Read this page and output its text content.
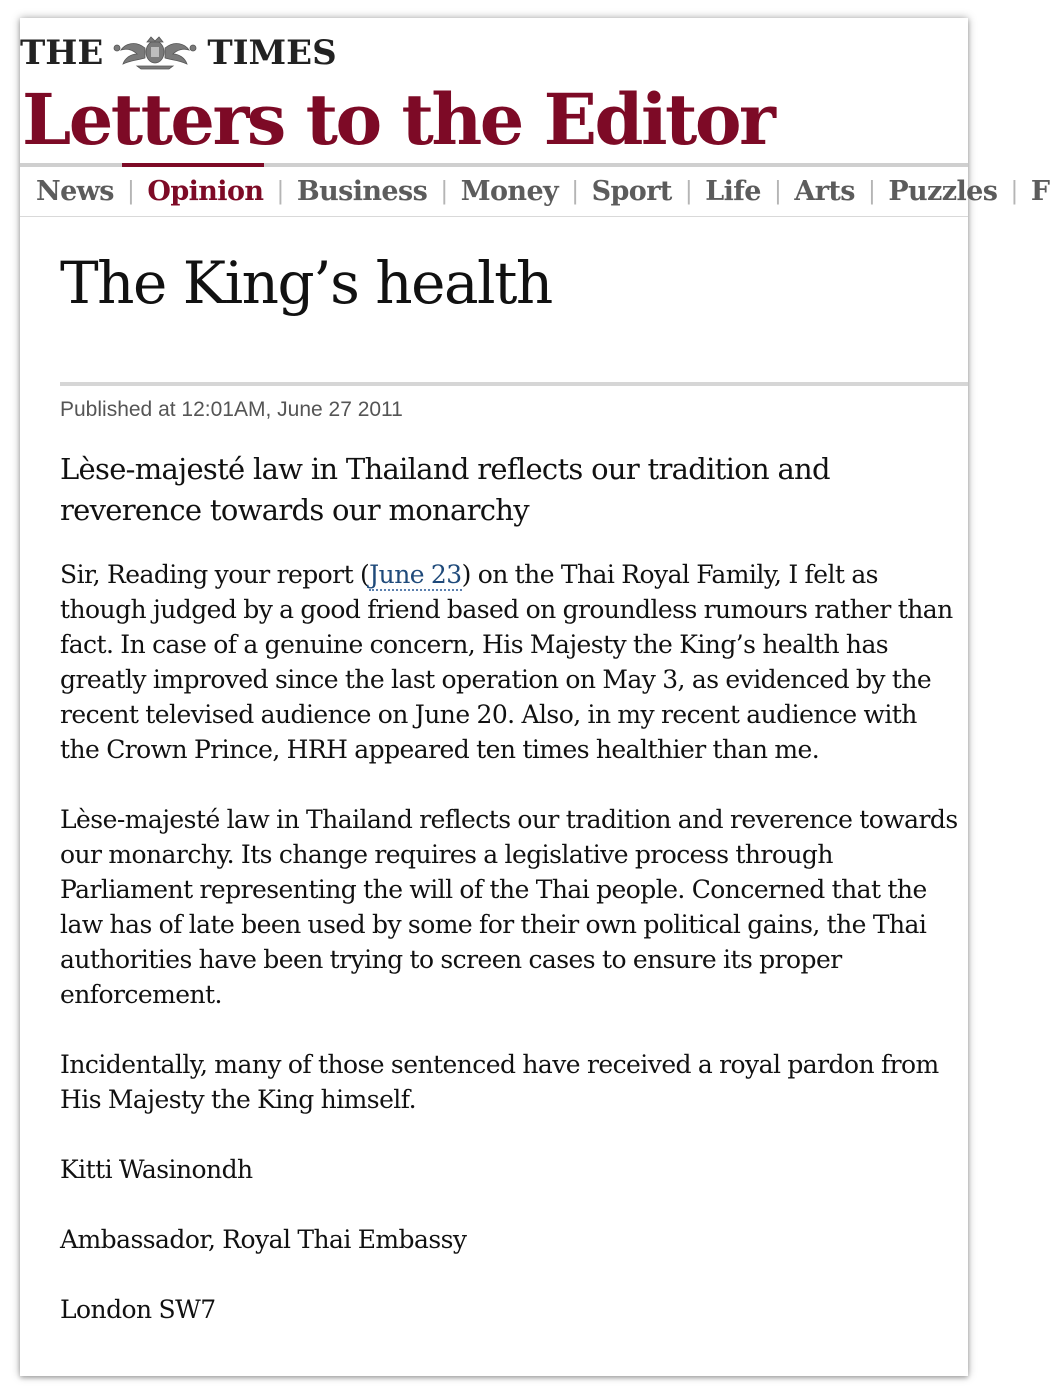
THE	TIMES
Letters to the Editor
News | Opinion | Business | Money | Sport | Life | Arts | Puzzles | F
The King’s health
Published at 12:01AM, June 27 2011
Lèse-majesté law in Thailand reflects our tradition and reverence towards our monarchy

Sir, Reading your report (June 23) on the Thai Royal Family, I felt as though judged by a good friend based on groundless rumours rather than fact. In case of a genuine concern, His Majesty the King’s health has greatly improved since the last operation on May 3, as evidenced by the recent televised audience on June 20. Also, in my recent audience with the Crown Prince, HRH appeared ten times healthier than me.

Lèse-majesté law in Thailand reflects our tradition and reverence towards our monarchy. Its change requires a legislative process through Parliament representing the will of the Thai people. Concerned that the law has of late been used by some for their own political gains, the Thai authorities have been trying to screen cases to ensure its proper enforcement.

Incidentally, many of those sentenced have received a royal pardon from His Majesty the King himself.

Kitti Wasinondh

Ambassador, Royal Thai Embassy

London SW7
